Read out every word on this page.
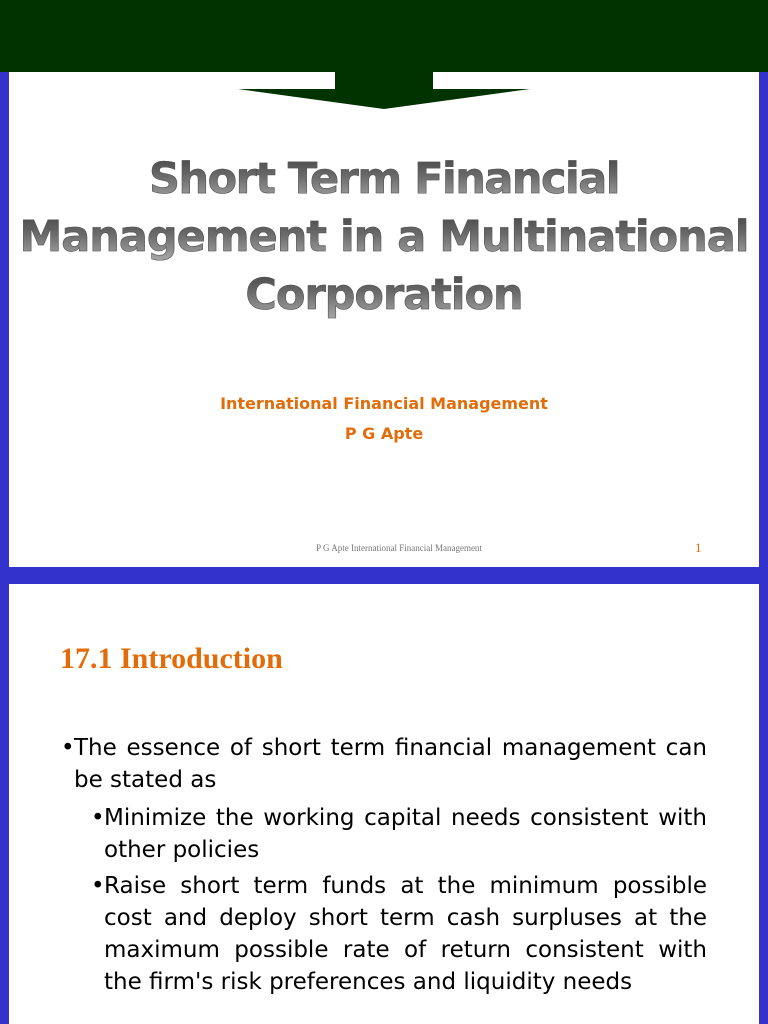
Short Term Financial
Management in a Multinational
Corporation
International Financial Management
P G Apte
P G Apte International Financial Management	1
17.1 Introduction
• The essence of short term financial management can be stated as
• Minimize the working capital needs consistent with other policies
• Raise short term funds at the minimum possible cost and deploy short term cash surpluses at the maximum possible rate of return consistent with the firm's risk preferences and liquidity needs
